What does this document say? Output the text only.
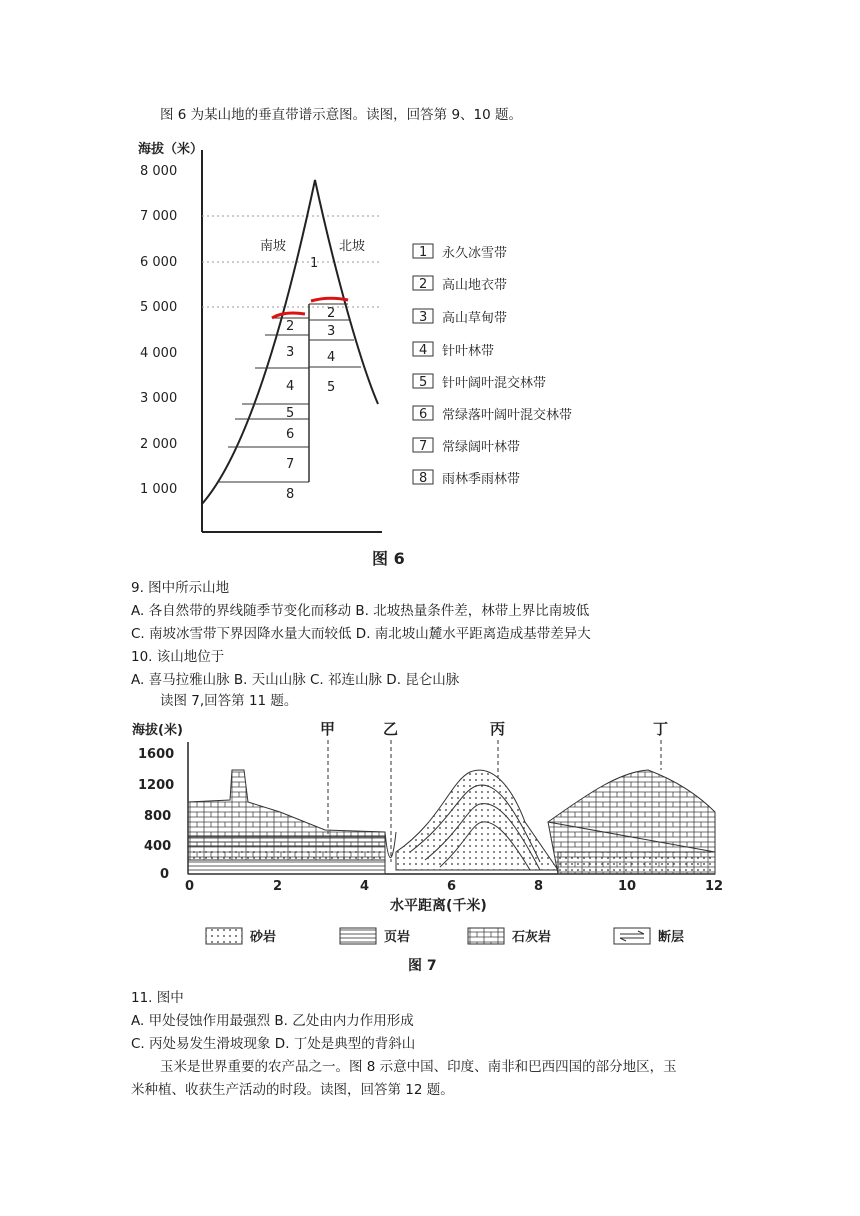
图 6 为某山地的垂直带谱示意图。读图，回答第 9、10 题。
海拔（米）
8 000
7 000
6 000
5 000
4 000
3 000
2 000
1 000
南坡	北坡
1
2
3
4
5
6
7
8
2
3
4
5
1 永久冰雪带
2 高山地衣带
3 高山草甸带
4 针叶林带
5 针叶阔叶混交林带
6 常绿落叶阔叶混交林带
7 常绿阔叶林带
8 雨林季雨林带
图 6
9. 图中所示山地
A. 各自然带的界线随季节变化而移动 B. 北坡热量条件差，林带上界比南坡低
C. 南坡冰雪带下界因降水量大而较低 D. 南北坡山麓水平距离造成基带差异大
10. 该山地位于
A. 喜马拉雅山脉 B. 天山山脉 C. 祁连山脉 D. 昆仑山脉
读图 7,回答第 11 题。
海拔(米)
1600
1200
800
400
0
甲	乙	丙	丁
0	2	4	6	8	10	12
水平距离(千米)
砂岩	页岩	石灰岩	断层
图 7
11. 图中
A. 甲处侵蚀作用最强烈 B. 乙处由内力作用形成
C. 丙处易发生滑坡现象 D. 丁处是典型的背斜山
玉米是世界重要的农产品之一。图 8 示意中国、印度、南非和巴西四国的部分地区，玉
米种植、收获生产活动的时段。读图，回答第 12 题。
